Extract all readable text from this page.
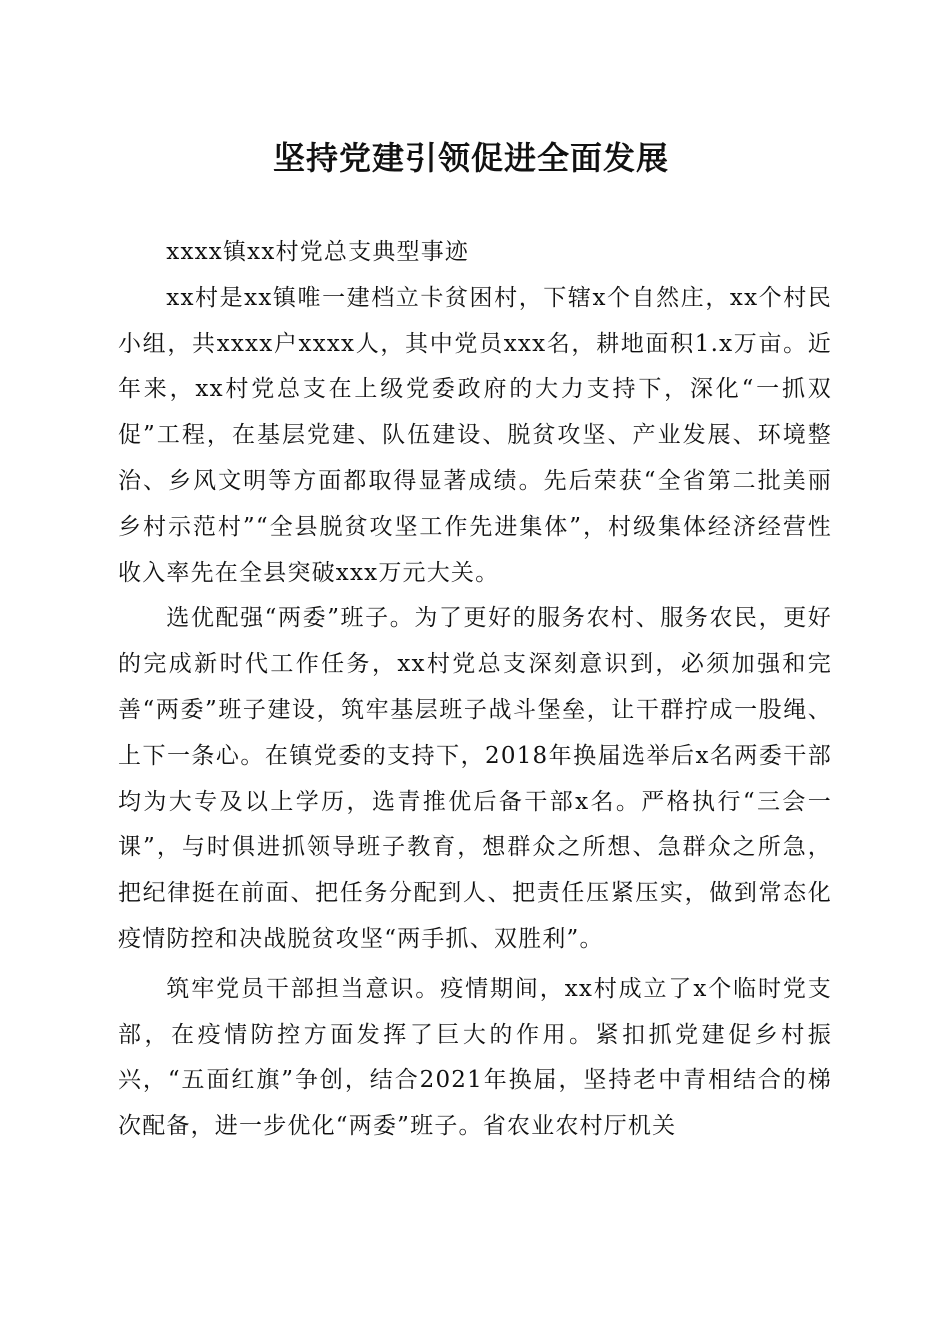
坚持党建引领促进全面发展

xxxx镇xx村党总支典型事迹

xx村是xx镇唯一建档立卡贫困村，下辖x个自然庄，xx个村民小组，共xxxx户xxxx人，其中党员xxx名，耕地面积1.x万亩。近年来，xx村党总支在上级党委政府的大力支持下，深化“一抓双促”工程，在基层党建、队伍建设、脱贫攻坚、产业发展、环境整治、乡风文明等方面都取得显著成绩。先后荣获“全省第二批美丽乡村示范村”“全县脱贫攻坚工作先进集体”，村级集体经济经营性收入率先在全县突破xxx万元大关。

选优配强“两委”班子。为了更好的服务农村、服务农民，更好的完成新时代工作任务，xx村党总支深刻意识到，必须加强和完善“两委”班子建设，筑牢基层班子战斗堡垒，让干群拧成一股绳、上下一条心。在镇党委的支持下，2018年换届选举后x名两委干部均为大专及以上学历，选青推优后备干部x名。严格执行“三会一课”，与时俱进抓领导班子教育，想群众之所想、急群众之所急，把纪律挺在前面、把任务分配到人、把责任压紧压实，做到常态化疫情防控和决战脱贫攻坚“两手抓、双胜利”。

筑牢党员干部担当意识。疫情期间，xx村成立了x个临时党支部，在疫情防控方面发挥了巨大的作用。紧扣抓党建促乡村振兴，“五面红旗”争创，结合2021年换届，坚持老中青相结合的梯次配备，进一步优化“两委”班子。省农业农村厅机关
